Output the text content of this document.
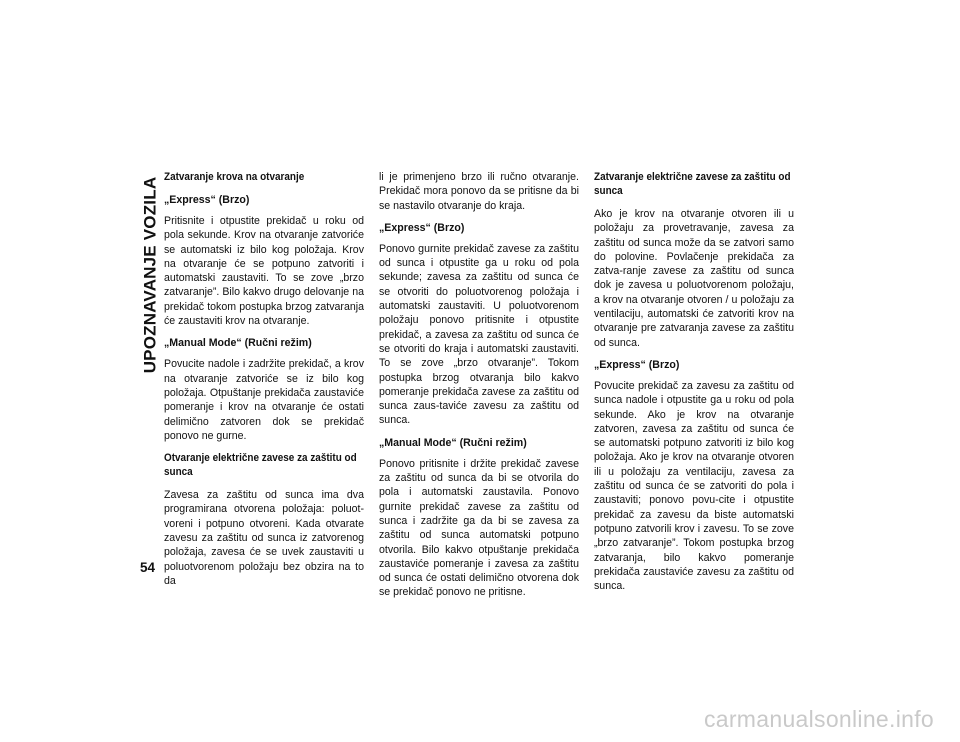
UPOZNAVANJE VOZILA
54
Zatvaranje krova na otvaranje
„Express“ (Brzo)

Pritisnite i otpustite prekidač u roku od pola sekunde. Krov na otvaranje zatvoriće se automatski iz bilo kog položaja. Krov na otvaranje će se potpuno zatvoriti i automatski zaustaviti. To se zove „brzo zatvaranje”. Bilo kakvo drugo delovanje na prekidač tokom postupka brzog zatvaranja će zaustaviti krov na otvaranje.

„Manual Mode“ (Ručni režim)

Povucite nadole i zadržite prekidač, a krov na otvaranje zatvoriće se iz bilo kog položaja. Otpuštanje prekidača zaustaviće pomeranje i krov na otvaranje će ostati delimično zatvoren dok se prekidač ponovo ne gurne.

Otvaranje električne zavese za zaštitu od sunca

Zavesa za zaštitu od sunca ima dva programirana otvorena položaja: poluot-voreni i potpuno otvoreni. Kada otvarate zavesu za zaštitu od sunca iz zatvorenog položaja, zavesa će se uvek zaustaviti u poluotvorenom položaju bez obzira na to da

li je primenjeno brzo ili ručno otvaranje. Prekidač mora ponovo da se pritisne da bi se nastavilo otvaranje do kraja.

„Express“ (Brzo)

Ponovo gurnite prekidač zavese za zaštitu od sunca i otpustite ga u roku od pola sekunde; zavesa za zaštitu od sunca će se otvoriti do poluotvorenog položaja i automatski zaustaviti. U poluotvorenom položaju ponovo pritisnite i otpustite prekidač, a zavesa za zaštitu od sunca će se otvoriti do kraja i automatski zaustaviti. To se zove „brzo otvaranje”. Tokom postupka brzog otvaranja bilo kakvo pomeranje prekidača zavese za zaštitu od sunca zaus-taviće zavesu za zaštitu od sunca.

„Manual Mode“ (Ručni režim)

Ponovo pritisnite i držite prekidač zavese za zaštitu od sunca da bi se otvorila do pola i automatski zaustavila. Ponovo gurnite prekidač zavese za zaštitu od sunca i zadržite ga da bi se zavesa za zaštitu od sunca automatski potpuno otvorila. Bilo kakvo otpuštanje prekidača zaustaviće pomeranje i zavesa za zaštitu od sunca će ostati delimično otvorena dok se prekidač ponovo ne pritisne.

Zatvaranje električne zavese za zaštitu od sunca

Ako je krov na otvaranje otvoren ili u položaju za provetravanje, zavesa za zaštitu od sunca može da se zatvori samo do polovine. Povlačenje prekidača za zatva-ranje zavese za zaštitu od sunca dok je zavesa u poluotvorenom položaju, a krov na otvaranje otvoren / u položaju za ventilaciju, automatski će zatvoriti krov na otvaranje pre zatvaranja zavese za zaštitu od sunca.

„Express“ (Brzo)

Povucite prekidač za zavesu za zaštitu od sunca nadole i otpustite ga u roku od pola sekunde. Ako je krov na otvaranje zatvoren, zavesa za zaštitu od sunca će se automatski potpuno zatvoriti iz bilo kog položaja. Ako je krov na otvaranje otvoren ili u položaju za ventilaciju, zavesa za zaštitu od sunca će se zatvoriti do pola i zaustaviti; ponovo povu-cite i otpustite prekidač za zavesu da biste automatski potpuno zatvorili krov i zavesu. To se zove „brzo zatvaranje”. Tokom postupka brzog zatvaranja, bilo kakvo pomeranje prekidača zaustaviće zavesu za zaštitu od sunca.

carmanualsonline.info
